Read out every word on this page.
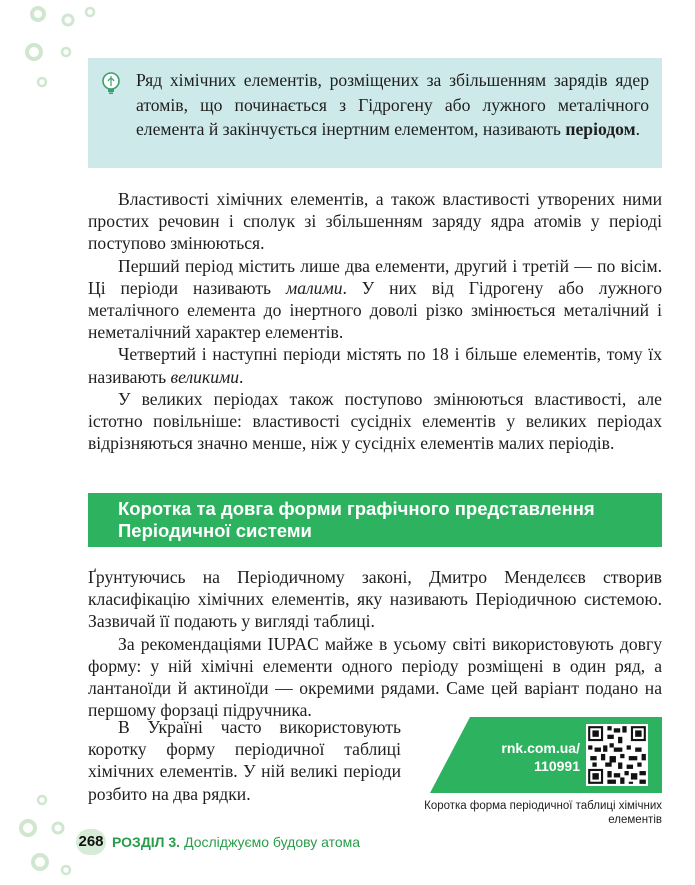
Ряд хімічних елементів, розміщених за збільшенням зарядів ядер атомів, що починається з Гідрогену або лужного металічного елемента й закінчується інертним елементом, називають періодом.

Властивості хімічних елементів, а також властивості утворених ними простих речовин і сполук зі збільшенням заряду ядра атомів у періоді поступово змінюються.

Перший період містить лише два елементи, другий і третій — по вісім. Ці періоди називають малими. У них від Гідрогену або лужного металічного елемента до інертного доволі різко змінюється металічний і неметалічний характер елементів.

Четвертий і наступні періоди містять по 18 і більше елементів, тому їх називають великими.

У великих періодах також поступово змінюються властивості, але істотно повільніше: властивості сусідніх елементів у великих періодах відрізняються значно менше, ніж у сусідніх елементів малих періодів.

Коротка та довга форми графічного представлення Періодичної системи

Ґрунтуючись на Періодичному законі, Дмитро Менделєєв створив класифікацію хімічних елементів, яку називають Періодичною системою. Зазвичай її подають у вигляді таблиці.

За рекомендаціями IUPAC майже в усьому світі використовують довгу форму: у ній хімічні елементи одного періоду розміщені в один ряд, а лантаноїди й актиноїди — окремими рядами. Саме цей варіант подано на першому форзаці підручника.

В Україні часто використовують коротку форму періодичної таблиці хімічних елементів. У ній великі періоди розбито на два рядки.

rnk.com.ua/
110991
Коротка форма періодичної таблиці хімічних елементів
268 РОЗДІЛ 3. Досліджуємо будову атома
